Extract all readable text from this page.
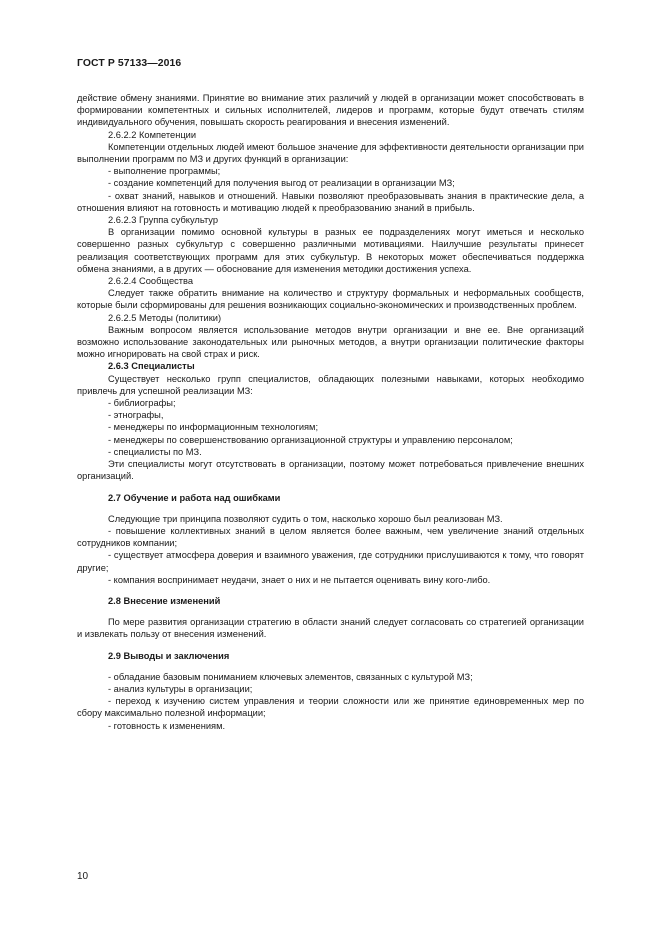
ГОСТ Р 57133—2016

действие обмену знаниями. Принятие во внимание этих различий у людей в организации может способствовать в формировании компетентных и сильных исполнителей, лидеров и программ, которые будут отвечать стилям индивидуального обучения, повышать скорость реагирования и внесения изменений.

2.6.2.2 Компетенции

Компетенции отдельных людей имеют большое значение для эффективности деятельности организации при выполнении программ по МЗ и других функций в организации:

- выполнение программы;

- создание компетенций для получения выгод от реализации в организации МЗ;

- охват знаний, навыков и отношений. Навыки позволяют преобразовывать знания в практические дела, а отношения влияют на готовность и мотивацию людей к преобразованию знаний в прибыль.

2.6.2.3 Группа субкультур

В организации помимо основной культуры в разных ее подразделениях могут иметься и несколько совершенно разных субкультур с совершенно различными мотивациями. Наилучшие результаты принесет реализация соответствующих программ для этих субкультур. В некоторых может обеспечиваться поддержка обмена знаниями, а в других — обоснование для изменения методики достижения успеха.

2.6.2.4 Сообщества

Следует также обратить внимание на количество и структуру формальных и неформальных сообществ, которые были сформированы для решения возникающих социально-экономических и производственных проблем.

2.6.2.5 Методы (политики)

Важным вопросом является использование методов внутри организации и вне ее. Вне организаций возможно использование законодательных или рыночных методов, а внутри организации политические факторы можно игнорировать на свой страх и риск.

2.6.3 Специалисты

Существует несколько групп специалистов, обладающих полезными навыками, которых необходимо привлечь для успешной реализации МЗ:

- библиографы;

- этнографы,

- менеджеры по информационным технологиям;

- менеджеры по совершенствованию организационной структуры и управлению персоналом;

- специалисты по МЗ.

Эти специалисты могут отсутствовать в организации, поэтому может потребоваться привлечение внешних организаций.

2.7 Обучение и работа над ошибками

Следующие три принципа позволяют судить о том, насколько хорошо был реализован МЗ.

- повышение коллективных знаний в целом является более важным, чем увеличение знаний отдельных сотрудников компании;

- существует атмосфера доверия и взаимного уважения, где сотрудники прислушиваются к тому, что говорят другие;

- компания воспринимает неудачи, знает о них и не пытается оценивать вину кого-либо.

2.8 Внесение изменений

По мере развития организации стратегию в области знаний следует согласовать со стратегией организации и извлекать пользу от внесения изменений.

2.9 Выводы и заключения

- обладание базовым пониманием ключевых элементов, связанных с культурой МЗ;

- анализ культуры в организации;

- переход к изучению систем управления и теории сложности или же принятие единовременных мер по сбору максимально полезной информации;

- готовность к изменениям.

10
